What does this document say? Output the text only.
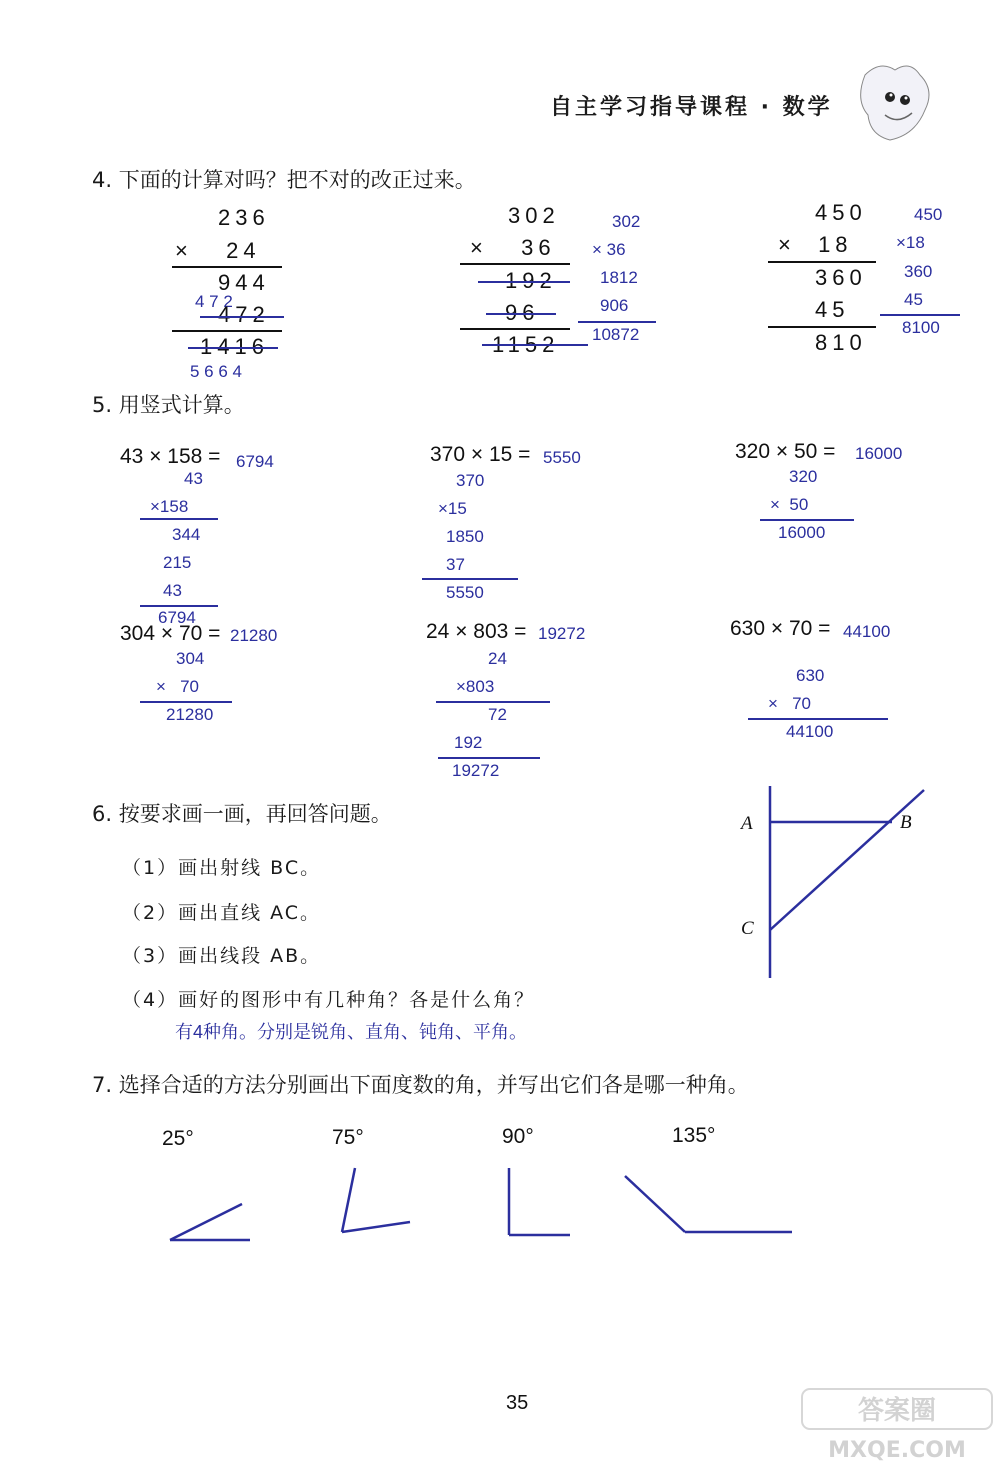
自主学习指导课程 · 数学
4. 下面的计算对吗？把不对的改正过来。
236
×   24
944
4 7 2
472
1416
5 6 6 4
302
×   36
192
96
1152
302
× 36
1812
906
10872
450
×  18
360
45
810
450
×18
360
45
8100
5. 用竖式计算。
43 × 158 = 6794
43
×158
344
215
43
6794
370 × 15 = 5550
370
×15
1850
37
5550
320 × 50 = 16000
320
×  50
16000
304 × 70 = 21280
304
×   70
21280
24 × 803 = 19272
24
×803
72
192
19272
630 × 70 = 44100
630
×   70
44100
6. 按要求画一画，再回答问题。
（1）画出射线 BC。
（2）画出直线 AC。
（3）画出线段 AB。
（4）画好的图形中有几种角？各是什么角？
有4种角。分别是锐角、直角、钝角、平角。
A	B
C
7. 选择合适的方法分别画出下面度数的角，并写出它们各是哪一种角。
25°	75°	90°	135°
35	答案圈
MXQE.COM
